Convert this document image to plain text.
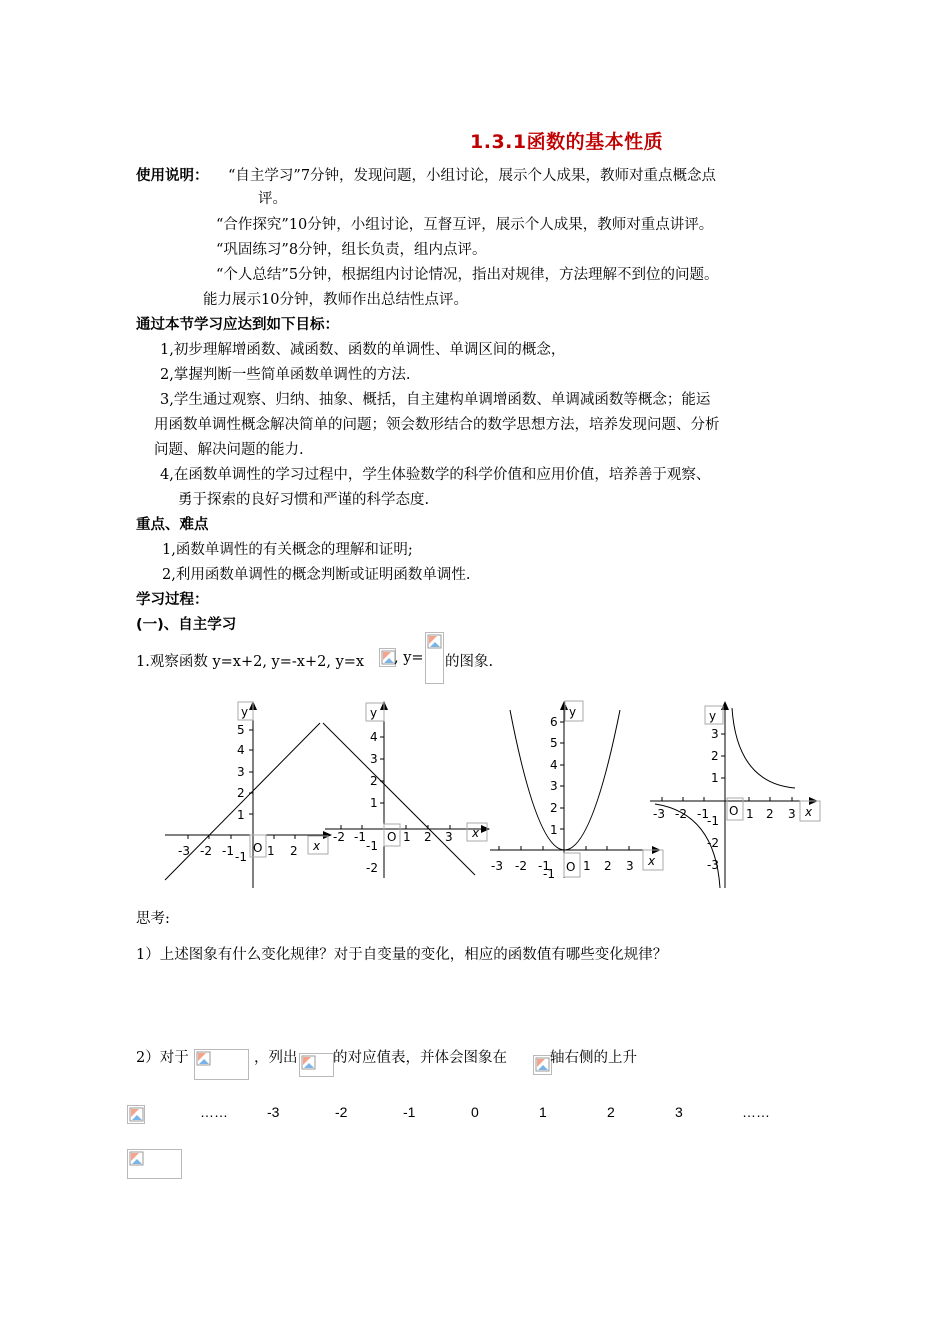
1.3.1函数的基本性质
使用说明： “自主学习”7分钟，发现问题，小组讨论，展示个人成果，教师对重点概念点
评。
“合作探究”10分钟，小组讨论，互督互评，展示个人成果，教师对重点讲评。
“巩固练习”8分钟，组长负责，组内点评。
“个人总结”5分钟，根据组内讨论情况，指出对规律，方法理解不到位的问题。
能力展示10分钟，教师作出总结性点评。
通过本节学习应达到如下目标：
1,初步理解增函数、减函数、函数的单调性、单调区间的概念，
2,掌握判断一些简单函数单调性的方法.
3,学生通过观察、归纳、抽象、概括，自主建构单调增函数、单调减函数等概念；能运
用函数单调性概念解决简单的问题；领会数形结合的数学思想方法，培养发现问题、分析
问题、解决问题的能力.
4,在函数单调性的学习过程中，学生体验数学的科学价值和应用价值，培养善于观察、
勇于探索的良好习惯和严谨的科学态度.
重点、难点
1,函数单调性的有关概念的理解和证明;
2,利用函数单调性的概念判断或证明函数单调性.
学习过程：
(一)、自主学习
1.观察函数 y=x+2, y=-x+2, y=x , y= 的图象.
y
x
O
-3 -2 -1	1 2
5
4
3
2
1
-1
y
x
O
-2 -1	1 2 3
4
3
2
1
-1
-2
y
x
O
-3 -2 -1	1 2 3
6
5
4
3
2
1
-1
y
x
O
-3 -2 -1	1 2 3
3
2
1
-1
-2
-3
思考:
1）上述图象有什么变化规律？对于自变量的变化，相应的函数值有哪些变化规律？
2）对于	，列出 的对应值表，并体会图象在	轴右侧的上升
……	-3	-2	-1	0	1	2	3	……
